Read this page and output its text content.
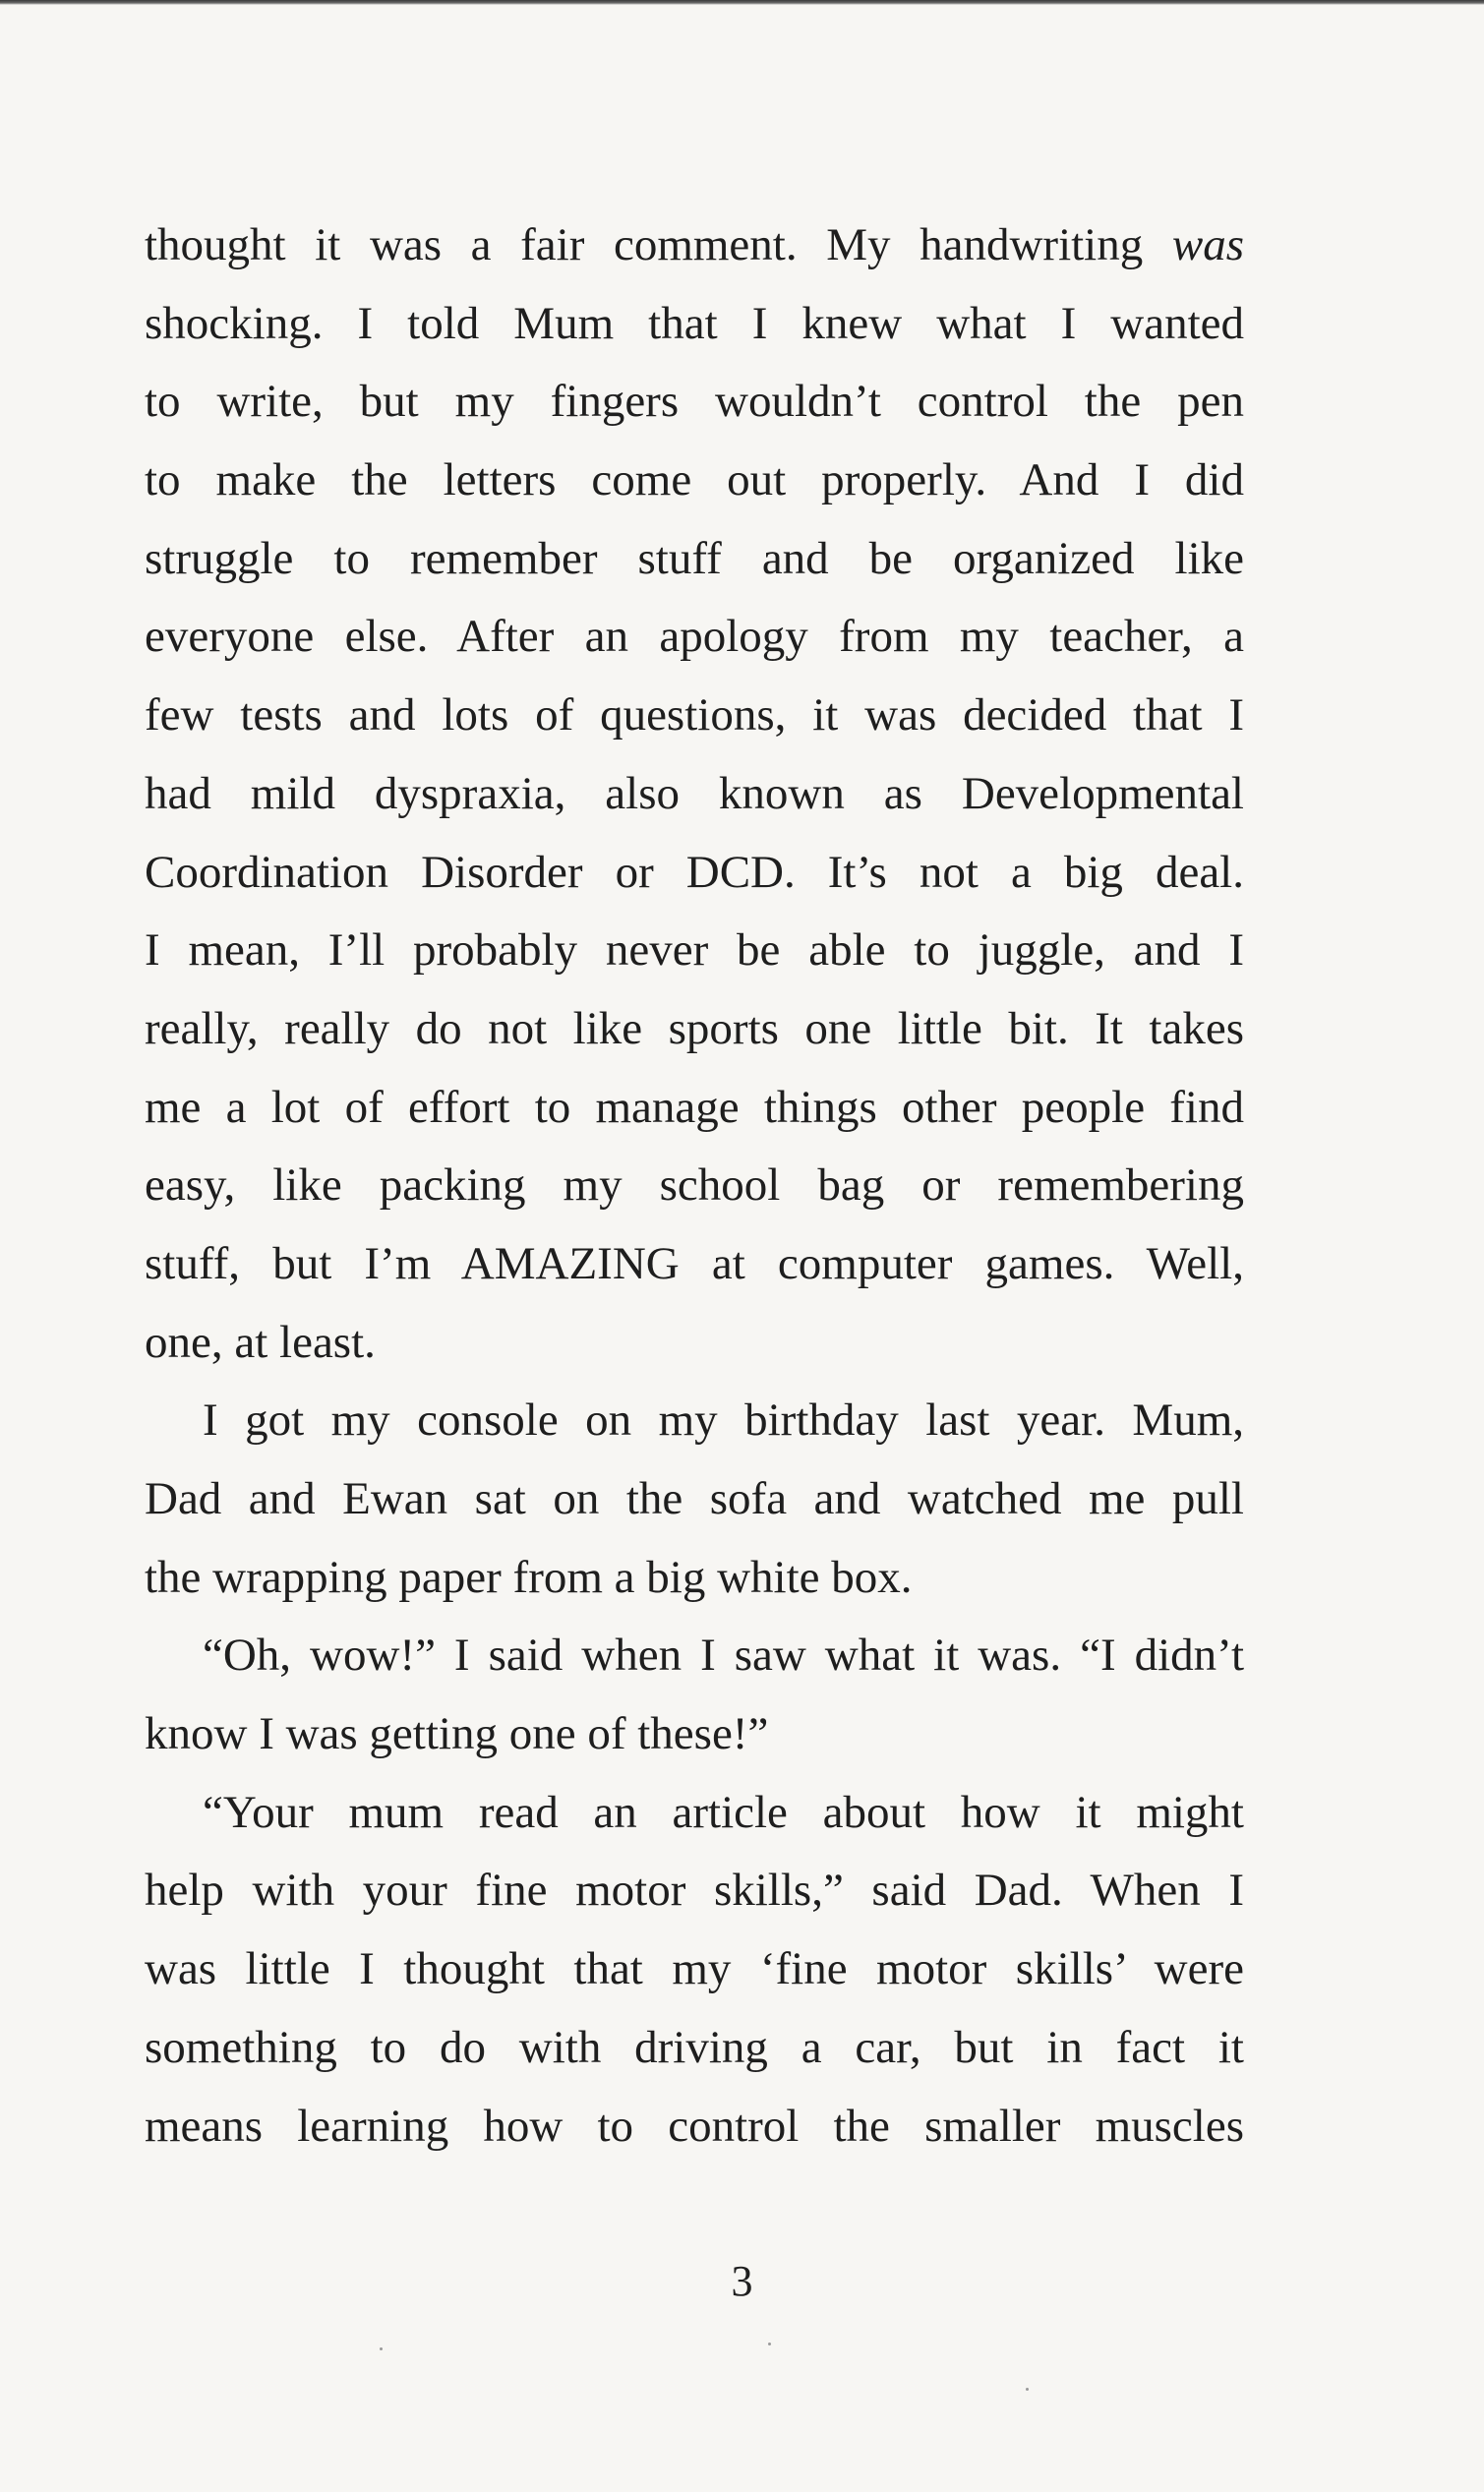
thought it was a fair comment. My handwriting was
shocking. I told Mum that I knew what I wanted
to write, but my fingers wouldn’t control the pen
to make the letters come out properly. And I did
struggle to remember stuff and be organized like
everyone else. After an apology from my teacher, a
few tests and lots of questions, it was decided that I
had mild dyspraxia, also known as Developmental
Coordination Disorder or DCD. It’s not a big deal.
I mean, I’ll probably never be able to juggle, and I
really, really do not like sports one little bit. It takes
me a lot of effort to manage things other people find
easy, like packing my school bag or remembering
stuff, but I’m AMAZING at computer games. Well,
one, at least.
I got my console on my birthday last year. Mum,
Dad and Ewan sat on the sofa and watched me pull
the wrapping paper from a big white box.
“Oh, wow!” I said when I saw what it was. “I didn’t
know I was getting one of these!”
“Your mum read an article about how it might
help with your fine motor skills,” said Dad. When I
was little I thought that my ‘fine motor skills’ were
something to do with driving a car, but in fact it
means learning how to control the smaller muscles
3
